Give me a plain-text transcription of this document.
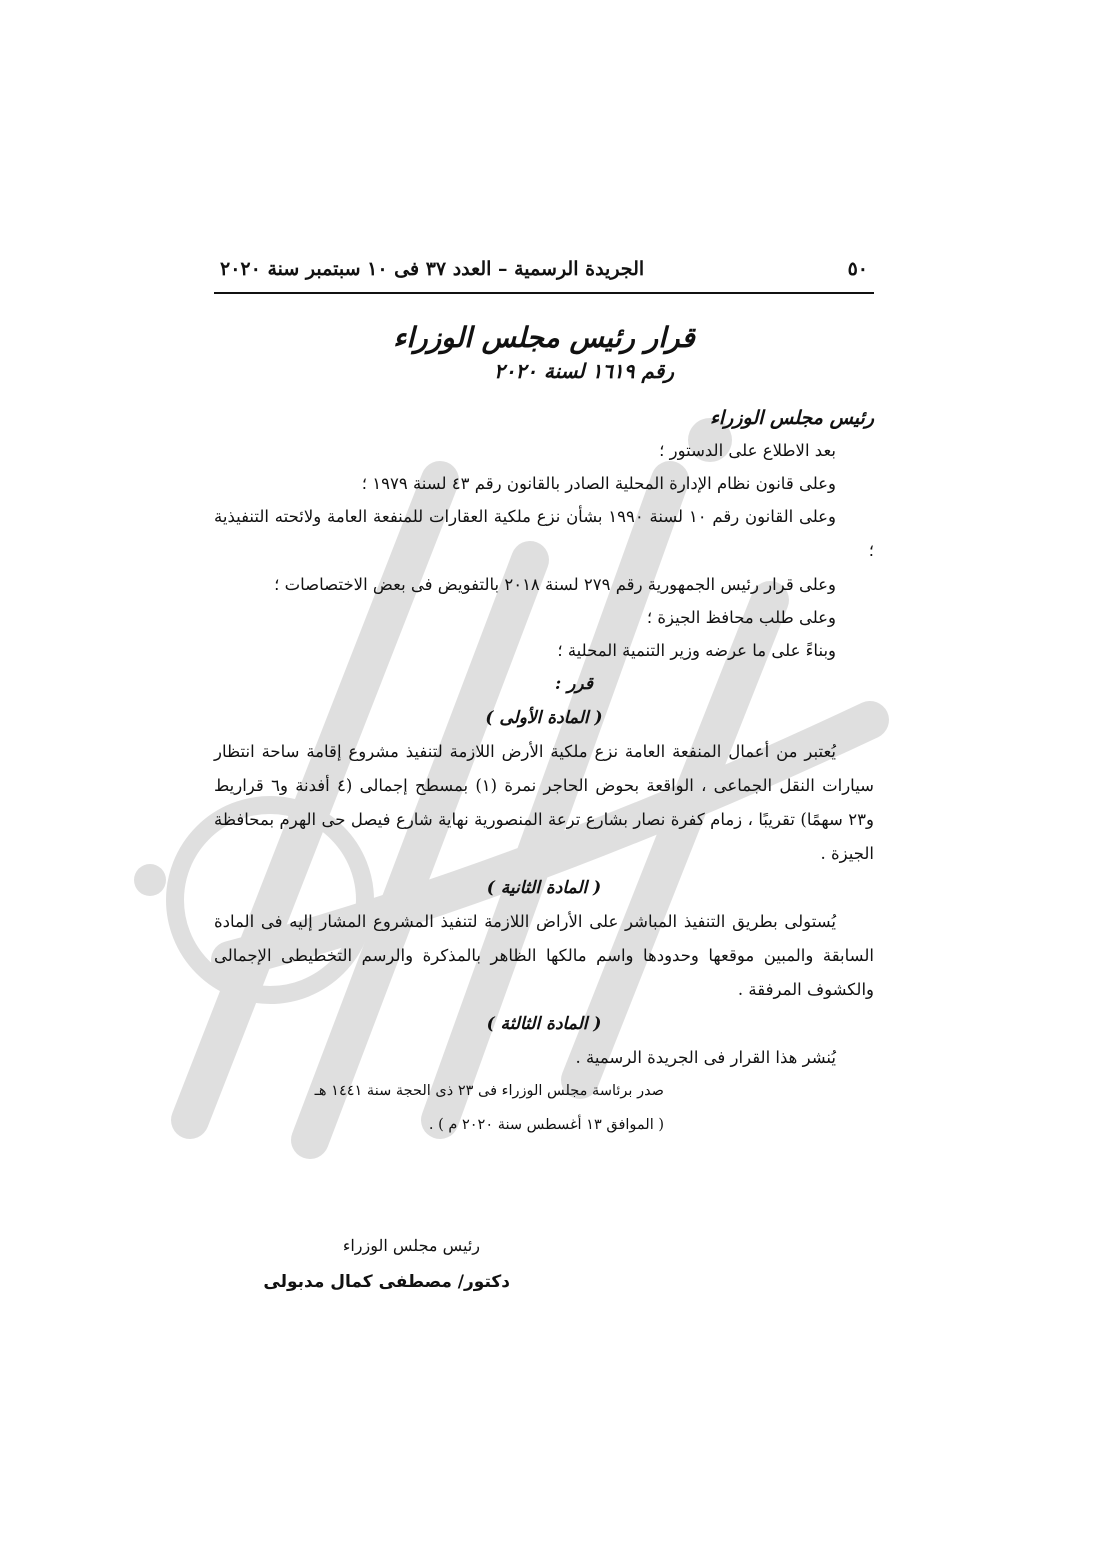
٥٠
الجريدة الرسمية – العدد ٣٧ فى ١٠ سبتمبر سنة ٢٠٢٠
قرار رئيس مجلس الوزراء
رقم ١٦١٩ لسنة ٢٠٢٠
رئيس مجلس الوزراء
بعد الاطلاع على الدستور ؛
وعلى قانون نظام الإدارة المحلية الصادر بالقانون رقم ٤٣ لسنة ١٩٧٩ ؛
وعلى القانون رقم ١٠ لسنة ١٩٩٠ بشأن نزع ملكية العقارات للمنفعة العامة ولائحته التنفيذية ؛
وعلى قرار رئيس الجمهورية رقم ٢٧٩ لسنة ٢٠١٨ بالتفويض فى بعض الاختصاصات ؛
وعلى طلب محافظ الجيزة ؛
وبناءً على ما عرضه وزير التنمية المحلية ؛
قرر :
( المادة الأولى )
يُعتبر من أعمال المنفعة العامة نزع ملكية الأرض اللازمة لتنفيذ مشروع إقامة ساحة انتظار سيارات النقل الجماعى ، الواقعة بحوض الحاجر نمرة (١) بمسطح إجمالى (٤ أفدنة و٦ قراريط و٢٣ سهمًا) تقريبًا ، زمام كفرة نصار بشارع ترعة المنصورية نهاية شارع فيصل حى الهرم بمحافظة الجيزة .
( المادة الثانية )
يُستولى بطريق التنفيذ المباشر على الأراض اللازمة لتنفيذ المشروع المشار إليه فى المادة السابقة والمبين موقعها وحدودها واسم مالكها الظاهر بالمذكرة والرسم التخطيطى الإجمالى والكشوف المرفقة .
( المادة الثالثة )
يُنشر هذا القرار فى الجريدة الرسمية .
صدر برئاسة مجلس الوزراء فى ٢٣ ذى الحجة سنة ١٤٤١ هـ
( الموافق ١٣ أغسطس سنة ٢٠٢٠ م ) .
رئيس مجلس الوزراء
دكتور/ مصطفى كمال مدبولى
